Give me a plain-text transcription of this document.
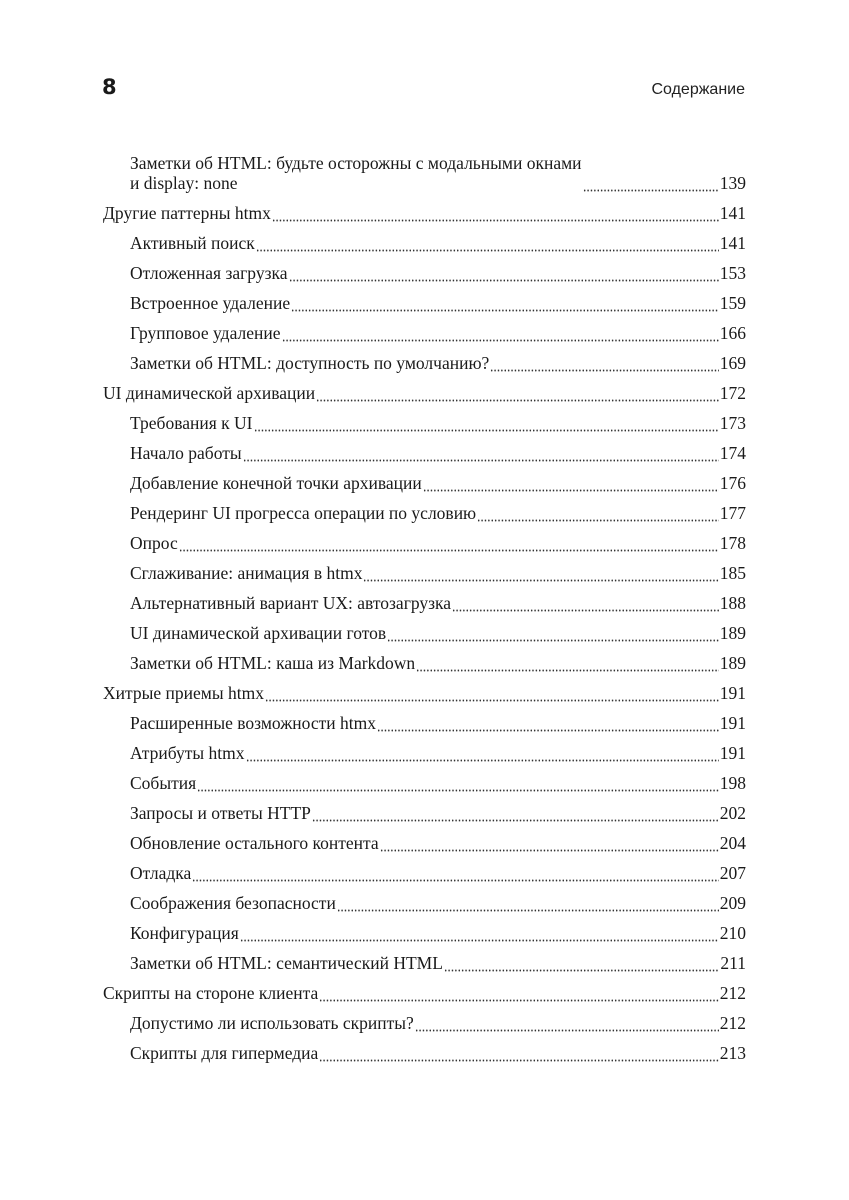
8	Содержание
Заметки об HTML: будьте осторожны с модальными окнами
и display: none	139
Другие паттерны htmx	141
Активный поиск	141
Отложенная загрузка	153
Встроенное удаление	159
Групповое удаление	166
Заметки об HTML: доступность по умолчанию?	169
UI динамической архивации	172
Требования к UI	173
Начало работы	174
Добавление конечной точки архивации	176
Рендеринг UI прогресса операции по условию	177
Опрос	178
Сглаживание: анимация в htmx	185
Альтернативный вариант UX: автозагрузка	188
UI динамической архивации готов	189
Заметки об HTML: каша из Markdown	189
Хитрые приемы htmx	191
Расширенные возможности htmx	191
Атрибуты htmx	191
События	198
Запросы и ответы HTTP	202
Обновление остального контента	204
Отладка	207
Соображения безопасности	209
Конфигурация	210
Заметки об HTML: семантический HTML	211
Скрипты на стороне клиента	212
Допустимо ли использовать скрипты?	212
Скрипты для гипермедиа	213
